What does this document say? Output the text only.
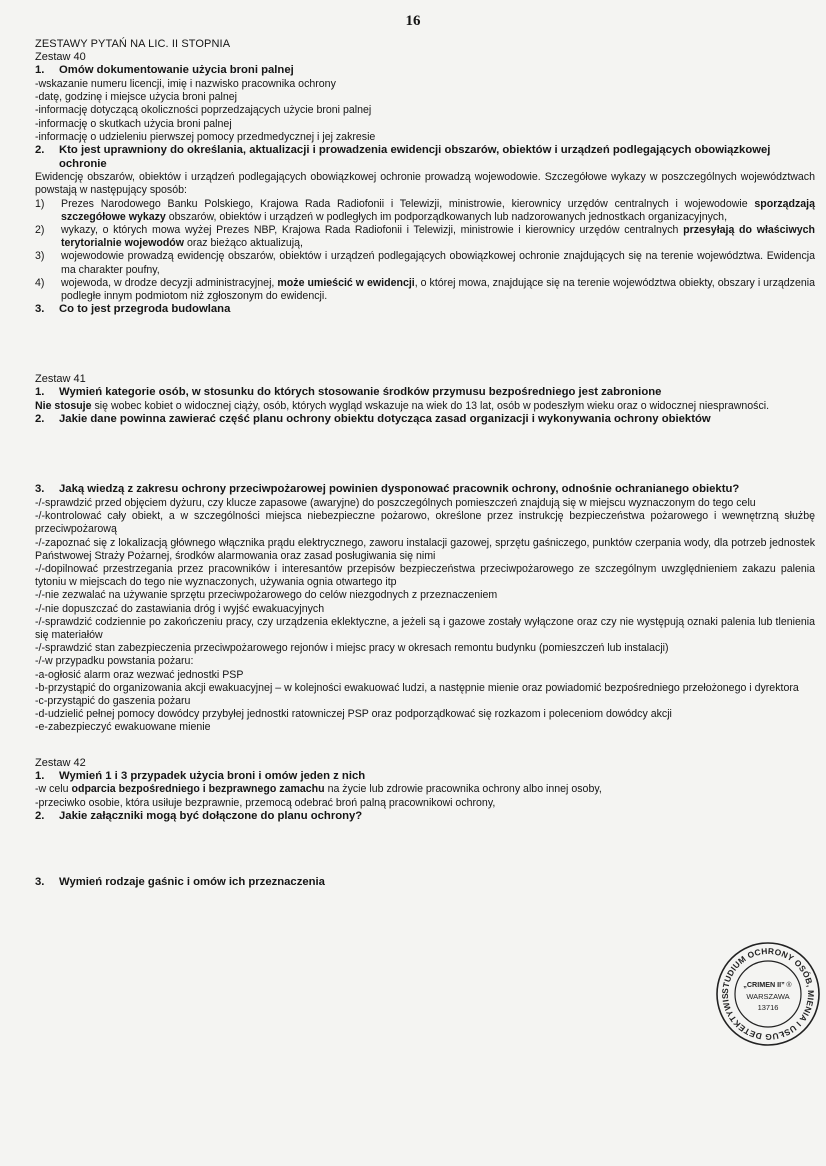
16
ZESTAWY PYTAŃ NA LIC. II STOPNIA
Zestaw 40
1.	Omów dokumentowanie użycia broni palnej
-wskazanie numeru licencji, imię i nazwisko pracownika ochrony
-datę, godzinę i miejsce użycia broni palnej
-informację dotyczącą okoliczności poprzedzających użycie broni palnej
-informację o skutkach użycia broni palnej
-informację o udzieleniu pierwszej pomocy przedmedycznej i jej zakresie
2.	Kto jest uprawniony do określania, aktualizacji i prowadzenia ewidencji obszarów, obiektów i urządzeń podlegających obowiązkowej ochronie
Ewidencję obszarów, obiektów i urządzeń podlegających obowiązkowej ochronie prowadzą wojewodowie. Szczegółowe wykazy w poszczególnych województwach powstają w następujący sposób:
1)	Prezes Narodowego Banku Polskiego, Krajowa Rada Radiofonii i Telewizji, ministrowie, kierownicy urzędów centralnych i wojewodowie sporządzają szczegółowe wykazy obszarów, obiektów i urządzeń w podległych im podporządkowanych lub nadzorowanych jednostkach organizacyjnych,
2)	wykazy, o których mowa wyżej Prezes NBP, Krajowa Rada Radiofonii i Telewizji, ministrowie i kierownicy urzędów centralnych przesyłają do właściwych terytorialnie wojewodów oraz bieżąco aktualizują,
3)	wojewodowie prowadzą ewidencję obszarów, obiektów i urządzeń podlegających obowiązkowej ochronie znajdujących się na terenie województwa. Ewidencja ma charakter poufny,
4)	wojewoda, w drodze decyzji administracyjnej, może umieścić w ewidencji, o której mowa, znajdujące się na terenie województwa obiekty, obszary i urządzenia podległe innym podmiotom niż zgłoszonym do ewidencji.
3.	Co to jest przegroda budowlana
Zestaw 41
1.	Wymień kategorie osób, w stosunku do których stosowanie środków przymusu bezpośredniego jest zabronione
Nie stosuje się wobec kobiet o widocznej ciąży, osób, których wygląd wskazuje na wiek do 13 lat, osób w podeszłym wieku oraz o widocznej niesprawności.
2.	Jakie dane powinna zawierać część planu ochrony obiektu dotycząca zasad organizacji i wykonywania ochrony obiektów
3.	Jaką wiedzą z zakresu ochrony przeciwpożarowej powinien dysponować pracownik ochrony, odnośnie ochranianego obiektu?
-/-sprawdzić przed objęciem dyżuru, czy klucze zapasowe (awaryjne) do poszczególnych pomieszczeń znajdują się w miejscu wyznaczonym do tego celu
-/-kontrolować cały obiekt, a w szczególności miejsca niebezpieczne pożarowo, określone przez instrukcję bezpieczeństwa pożarowego i wewnętrzną służbę przeciwpożarową
-/-zapoznać się z lokalizacją głównego włącznika prądu elektrycznego, zaworu instalacji gazowej, sprzętu gaśniczego, punktów czerpania wody, dla potrzeb jednostek Państwowej Straży Pożarnej, środków alarmowania oraz zasad posługiwania się nimi
-/-dopilnować przestrzegania przez pracowników i interesantów przepisów bezpieczeństwa przeciwpożarowego ze szczególnym uwzględnieniem zakazu palenia tytoniu w miejscach do tego nie wyznaczonych, używania ognia otwartego itp
-/-nie zezwalać na używanie sprzętu przeciwpożarowego do celów niezgodnych z przeznaczeniem
-/-nie dopuszczać do zastawiania dróg i wyjść ewakuacyjnych
-/-sprawdzić codziennie po zakończeniu pracy, czy urządzenia eklektyczne, a jeżeli są i gazowe zostały wyłączone oraz czy nie występują oznaki palenia lub tlenienia się materiałów
-/-sprawdzić stan zabezpieczenia przeciwpożarowego rejonów i miejsc pracy w okresach remontu budynku (pomieszczeń lub instalacji)
-/-w przypadku powstania pożaru:
-a-ogłosić alarm oraz wezwać jednostki PSP
-b-przystąpić do organizowania akcji ewakuacyjnej – w kolejności ewakuować ludzi, a następnie mienie oraz powiadomić bezpośredniego przełożonego i dyrektora
-c-przystąpić do gaszenia pożaru
-d-udzielić pełnej pomocy dowódcy przybyłej jednostki ratowniczej PSP oraz podporządkować się rozkazom i poleceniom dowódcy akcji
-e-zabezpieczyć ewakuowane mienie
Zestaw 42
1.	Wymień 1 i 3 przypadek użycia broni i omów jeden z nich
-w celu odparcia bezpośredniego i bezprawnego zamachu na życie lub zdrowie pracownika ochrony albo innej osoby,
-przeciwko osobie, która usiłuje bezprawnie, przemocą odebrać broń palną pracownikowi ochrony,
2.	Jakie załączniki mogą być dołączone do planu ochrony?
3.	Wymień rodzaje gaśnic i omów ich przeznaczenia
STUDIUM OCHRONY OSÓB, MIENIA I USŁUG DETEKTYWIS
„CRIMEN II” ®
WARSZAWA
13716
